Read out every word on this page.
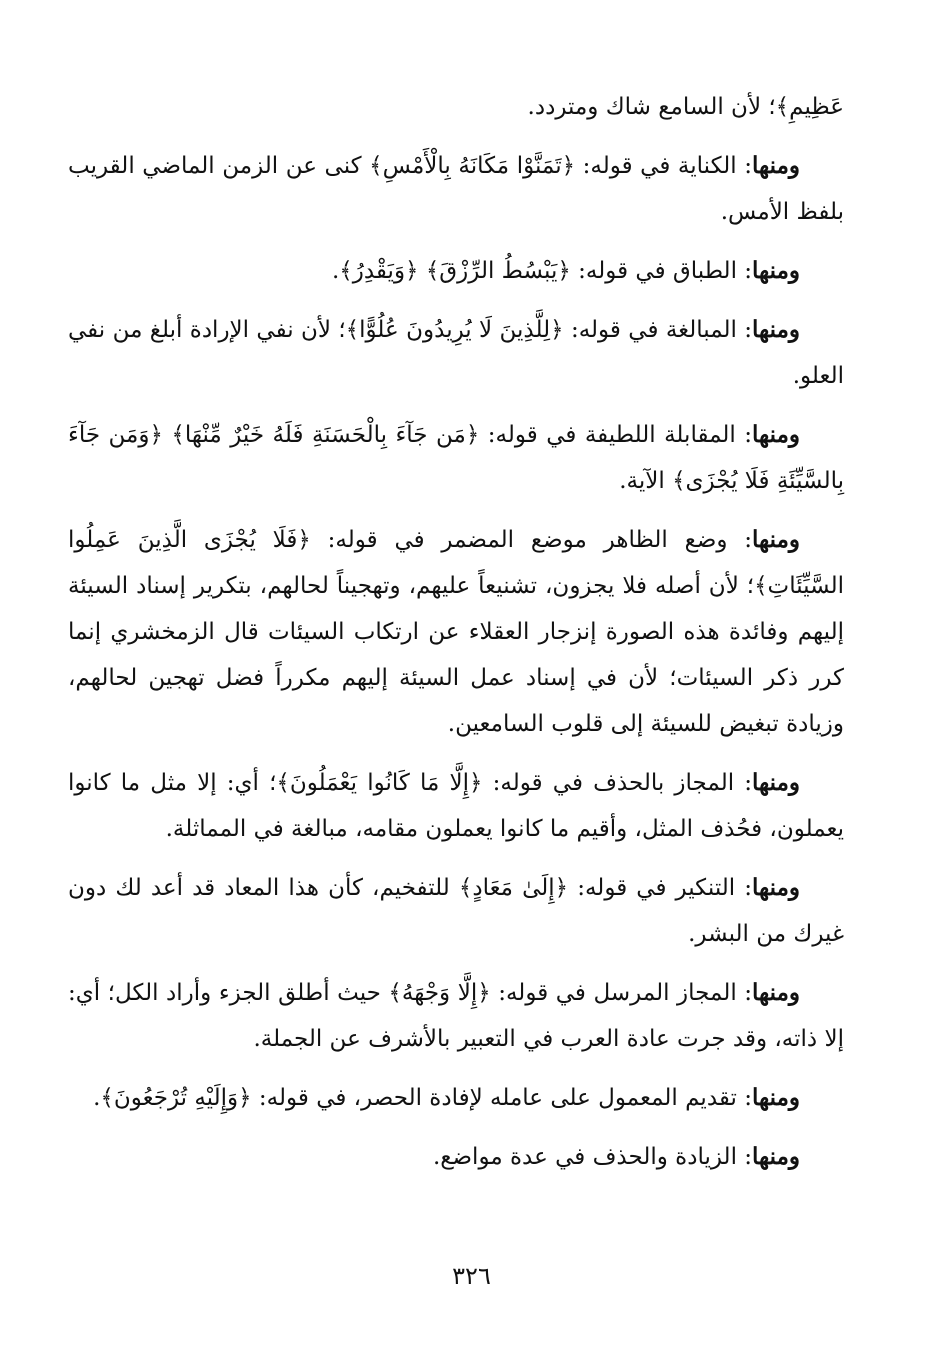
عَظِيمِ﴾؛ لأن السامع شاك ومتردد.

ومنها: الكناية في قوله: ﴿تَمَنَّوْا مَكَانَهُ بِالْأَمْسِ﴾ كنى عن الزمن الماضي القريب بلفظ الأمس.

ومنها: الطباق في قوله: ﴿يَبْسُطُ الرِّزْقَ﴾ ﴿وَيَقْدِرُ﴾.

ومنها: المبالغة في قوله: ﴿لِلَّذِينَ لَا يُرِيدُونَ عُلُوًّا﴾؛ لأن نفي الإرادة أبلغ من نفي العلو.

ومنها: المقابلة اللطيفة في قوله: ﴿مَن جَآءَ بِالْحَسَنَةِ فَلَهُ خَيْرٌ مِّنْهَا﴾ ﴿وَمَن جَآءَ بِالسَّيِّئَةِ فَلَا يُجْزَى﴾ الآية.

ومنها: وضع الظاهر موضع المضمر في قوله: ﴿فَلَا يُجْزَى الَّذِينَ عَمِلُوا السَّيِّئَاتِ﴾؛ لأن أصله فلا يجزون، تشنيعاً عليهم، وتهجيناً لحالهم، بتكرير إسناد السيئة إليهم وفائدة هذه الصورة إنزجار العقلاء عن ارتكاب السيئات قال الزمخشري إنما كرر ذكر السيئات؛ لأن في إسناد عمل السيئة إليهم مكرراً فضل تهجين لحالهم، وزيادة تبغيض للسيئة إلى قلوب السامعين.

ومنها: المجاز بالحذف في قوله: ﴿إِلَّا مَا كَانُوا يَعْمَلُونَ﴾؛ أي: إلا مثل ما كانوا يعملون، فحُذف المثل، وأقيم ما كانوا يعملون مقامه، مبالغة في المماثلة.

ومنها: التنكير في قوله: ﴿إِلَىٰ مَعَادٍ﴾ للتفخيم، كأن هذا المعاد قد أعد لك دون غيرك من البشر.

ومنها: المجاز المرسل في قوله: ﴿إِلَّا وَجْهَهُ﴾ حيث أطلق الجزء وأراد الكل؛ أي: إلا ذاته، وقد جرت عادة العرب في التعبير بالأشرف عن الجملة.

ومنها: تقديم المعمول على عامله لإفادة الحصر، في قوله: ﴿وَإِلَيْهِ تُرْجَعُونَ﴾.

ومنها: الزيادة والحذف في عدة مواضع.

٣٢٦
